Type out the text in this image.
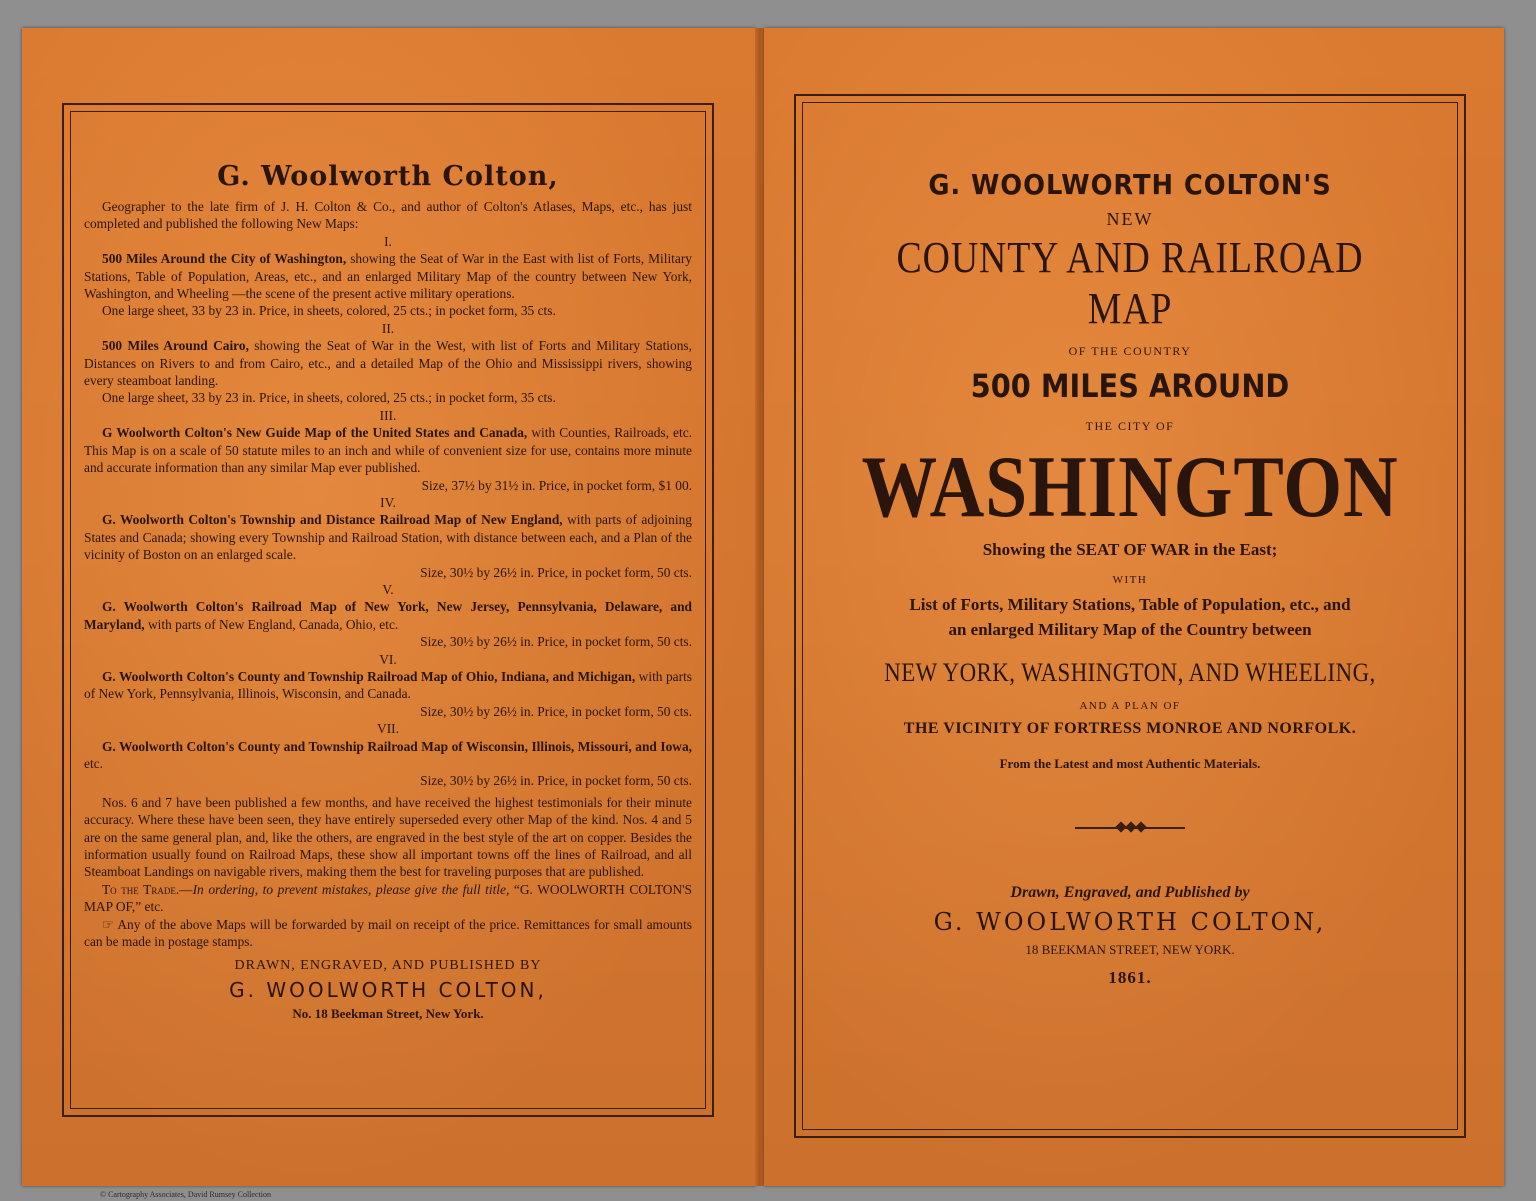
G. Woolworth Colton,

Geographer to the late firm of J. H. Colton & Co., and author of Colton's Atlases, Maps, etc., has just completed and published the following New Maps:

I.

500 Miles Around the City of Washington, showing the Seat of War in the East with list of Forts, Military Stations, Table of Population, Areas, etc., and an enlarged Military Map of the country between New York, Washington, and Wheeling —the scene of the present active military operations.

One large sheet, 33 by 23 in. Price, in sheets, colored, 25 cts.; in pocket form, 35 cts.

II.

500 Miles Around Cairo, showing the Seat of War in the West, with list of Forts and Military Stations, Distances on Rivers to and from Cairo, etc., and a detailed Map of the Ohio and Mississippi rivers, showing every steamboat landing.

One large sheet, 33 by 23 in. Price, in sheets, colored, 25 cts.; in pocket form, 35 cts.

III.

G Woolworth Colton's New Guide Map of the United States and Canada, with Counties, Railroads, etc. This Map is on a scale of 50 statute miles to an inch and while of convenient size for use, contains more minute and accurate information than any similar Map ever published.

Size, 37½ by 31½ in. Price, in pocket form, $1 00.

IV.

G. Woolworth Colton's Township and Distance Railroad Map of New England, with parts of adjoining States and Canada; showing every Township and Railroad Station, with distance between each, and a Plan of the vicinity of Boston on an enlarged scale.

Size, 30½ by 26½ in. Price, in pocket form, 50 cts.

V.

G. Woolworth Colton's Railroad Map of New York, New Jersey, Pennsylvania, Delaware, and Maryland, with parts of New England, Canada, Ohio, etc.

Size, 30½ by 26½ in. Price, in pocket form, 50 cts.

VI.

G. Woolworth Colton's County and Township Railroad Map of Ohio, Indiana, and Michigan, with parts of New York, Pennsylvania, Illinois, Wisconsin, and Canada.

Size, 30½ by 26½ in. Price, in pocket form, 50 cts.

VII.

G. Woolworth Colton's County and Township Railroad Map of Wisconsin, Illinois, Missouri, and Iowa, etc.

Size, 30½ by 26½ in. Price, in pocket form, 50 cts.

Nos. 6 and 7 have been published a few months, and have received the highest testimonials for their minute accuracy. Where these have been seen, they have entirely superseded every other Map of the kind. Nos. 4 and 5 are on the same general plan, and, like the others, are engraved in the best style of the art on copper. Besides the information usually found on Railroad Maps, these show all important towns off the lines of Railroad, and all Steamboat Landings on navigable rivers, making them the best for traveling purposes that are published.

To the Trade.—In ordering, to prevent mistakes, please give the full title, “G. WOOLWORTH COLTON'S MAP OF,” etc.

☞ Any of the above Maps will be forwarded by mail on receipt of the price. Remittances for small amounts can be made in postage stamps.

DRAWN, ENGRAVED, AND PUBLISHED BY
G. WOOLWORTH COLTON,
No. 18 Beekman Street, New York.
G. WOOLWORTH COLTON'S
NEW
COUNTY AND RAILROAD MAP
OF THE COUNTRY
500 MILES AROUND
THE CITY OF
WASHINGTON
Showing the SEAT OF WAR in the East;
WITH
List of Forts, Military Stations, Table of Population, etc., and
an enlarged Military Map of the Country between
NEW YORK, WASHINGTON, AND WHEELING,
AND A PLAN OF
THE VICINITY OF FORTRESS MONROE AND NORFOLK.
From the Latest and most Authentic Materials.
Drawn, Engraved, and Published by
G. WOOLWORTH COLTON,
18 BEEKMAN STREET, NEW YORK.
1861.
© Cartography Associates, David Rumsey Collection
